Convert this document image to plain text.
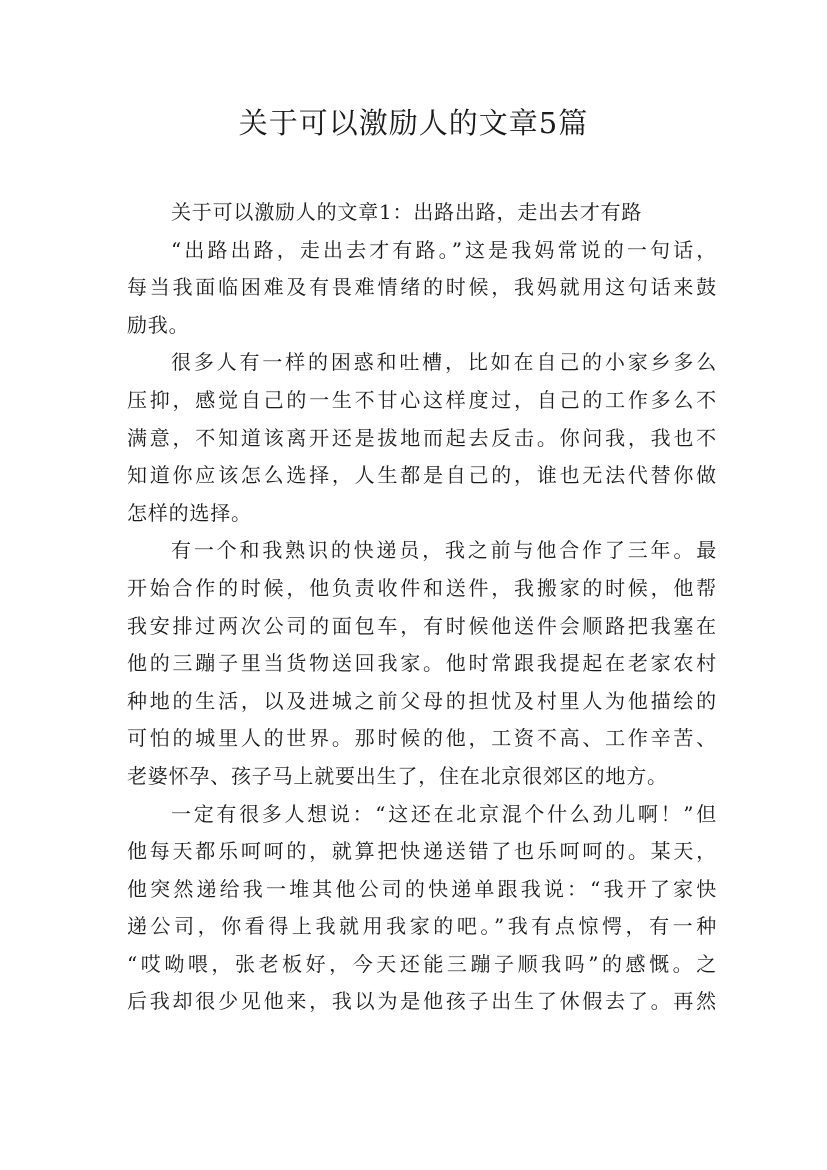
关于可以激励人的文章5篇
关于可以激励人的文章1：出路出路，走出去才有路
“出路出路，走出去才有路。”这是我妈常说的一句话，
每当我面临困难及有畏难情绪的时候，我妈就用这句话来鼓
励我。
很多人有一样的困惑和吐槽，比如在自己的小家乡多么
压抑，感觉自己的一生不甘心这样度过，自己的工作多么不
满意，不知道该离开还是拔地而起去反击。你问我，我也不
知道你应该怎么选择，人生都是自己的，谁也无法代替你做
怎样的选择。
有一个和我熟识的快递员，我之前与他合作了三年。最
开始合作的时候，他负责收件和送件，我搬家的时候，他帮
我安排过两次公司的面包车，有时候他送件会顺路把我塞在
他的三蹦子里当货物送回我家。他时常跟我提起在老家农村
种地的生活，以及进城之前父母的担忧及村里人为他描绘的
可怕的城里人的世界。那时候的他，工资不高、工作辛苦、
老婆怀孕、孩子马上就要出生了，住在北京很郊区的地方。
一定有很多人想说：“这还在北京混个什么劲儿啊！”但
他每天都乐呵呵的，就算把快递送错了也乐呵呵的。某天，
他突然递给我一堆其他公司的快递单跟我说：“我开了家快
递公司，你看得上我就用我家的吧。”我有点惊愕，有一种
“哎呦喂，张老板好，今天还能三蹦子顺我吗”的感慨。之
后我却很少见他来，我以为是他孩子出生了休假去了。再然
